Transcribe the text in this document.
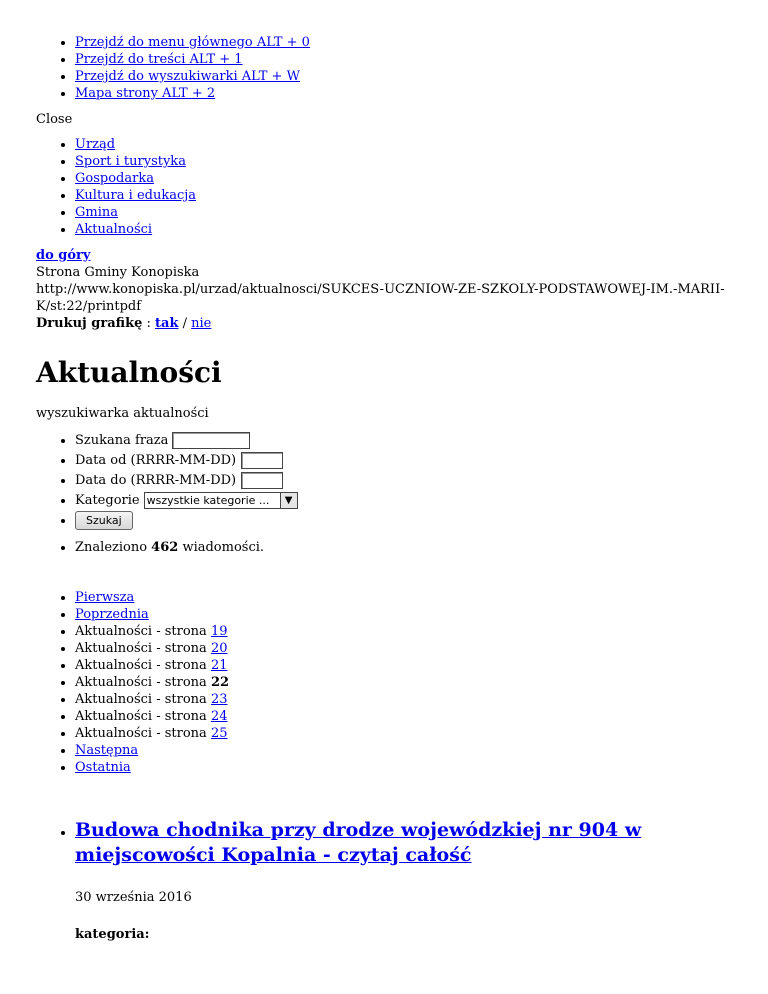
• Przejdź do menu głównego ALT + 0
• Przejdź do treści ALT + 1
• Przejdź do wyszukiwarki ALT + W
• Mapa strony ALT + 2
Close
• Urząd
• Sport i turystyka
• Gospodarka
• Kultura i edukacja
• Gmina
• Aktualności
do góry
Strona Gminy Konopiska
http://www.konopiska.pl/urzad/aktualnosci/SUKCES-UCZNIOW-ZE-SZKOLY-PODSTAWOWEJ-IM.-MARII-K/st:22/printpdf
Drukuj grafikę : tak / nie
Aktualności
wyszukiwarka aktualności
• Szukana fraza
• Data od (RRRR-MM-DD)
• Data do (RRRR-MM-DD)
• Kategorie wszystkie kategorie ...	▼
• Szukaj
• Znaleziono 462 wiadomości.
• Pierwsza
• Poprzednia
• Aktualności - strona 19
• Aktualności - strona 20
• Aktualności - strona 21
• Aktualności - strona 22
• Aktualności - strona 23
• Aktualności - strona 24
• Aktualności - strona 25
• Następna
• Ostatnia
• Budowa chodnika przy drodze wojewódzkiej nr 904 w miejscowości Kopalnia - czytaj całość
30 września 2016
kategoria:
